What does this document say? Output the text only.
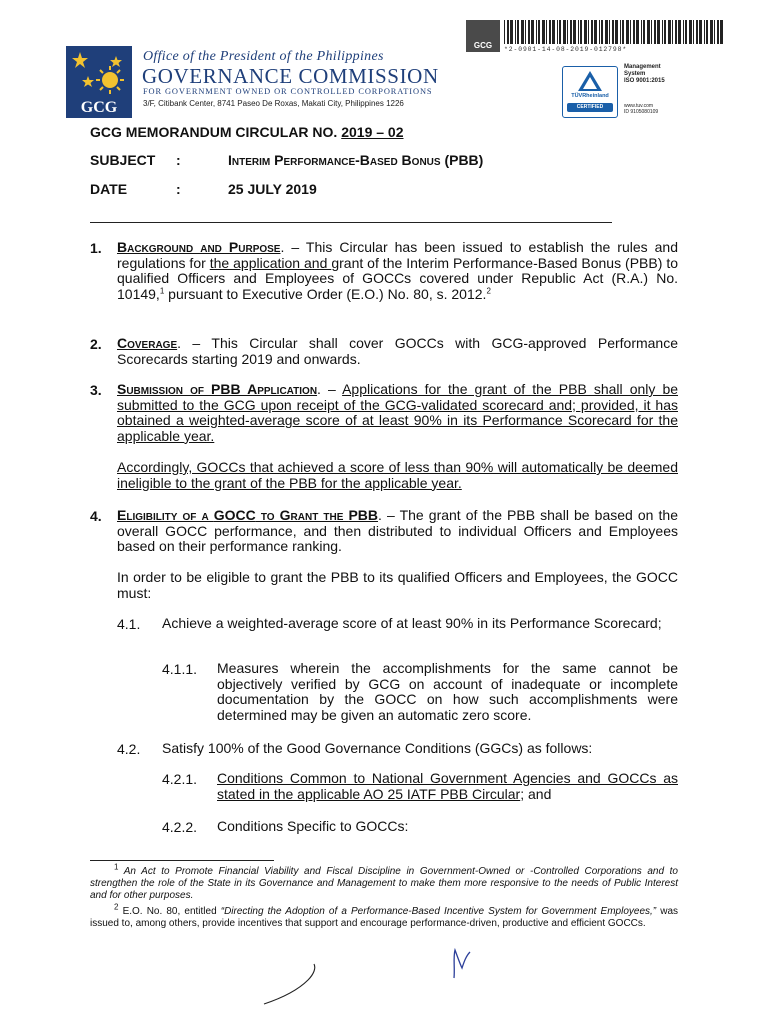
GCG
Office of the President of the Philippines
GOVERNANCE COMMISSION
FOR GOVERNMENT OWNED OR CONTROLLED CORPORATIONS
3/F, Citibank Center, 8741 Paseo De Roxas, Makati City, Philippines 1226
GCG *2-0901-14-08-2019-012798*
TÜVRheinland
CERTIFIED
Management
System
ISO 9001:2015
www.tuv.com
ID 9105080109
GCG MEMORANDUM CIRCULAR NO. 2019 – 02
SUBJECT :	Interim Performance-Based Bonus (PBB)
DATE	:	25 JULY 2019
1. Background and Purpose. – This Circular has been issued to establish the rules and regulations for the application and grant of the Interim Performance-Based Bonus (PBB) to qualified Officers and Employees of GOCCs covered under Republic Act (R.A.) No. 10149,$^1$ pursuant to Executive Order (E.O.) No. 80, s. 2012.$^2$
2. Coverage. – This Circular shall cover GOCCs with GCG-approved Performance Scorecards starting 2019 and onwards.
3. Submission of PBB Application. – Applications for the grant of the PBB shall only be submitted to the GCG upon receipt of the GCG-validated scorecard and; provided, it has obtained a weighted-average score of at least 90% in its Performance Scorecard for the applicable year.
Accordingly, GOCCs that achieved a score of less than 90% will automatically be deemed ineligible to the grant of the PBB for the applicable year.
4. Eligibility of a GOCC to Grant the PBB. – The grant of the PBB shall be based on the overall GOCC performance, and then distributed to individual Officers and Employees based on their performance ranking.
In order to be eligible to grant the PBB to its qualified Officers and Employees, the GOCC must:
4.1. Achieve a weighted-average score of at least 90% in its Performance Scorecard;
4.1.1. Measures wherein the accomplishments for the same cannot be objectively verified by GCG on account of inadequate or incomplete documentation by the GOCC on how such accomplishments were determined may be given an automatic zero score.
4.2. Satisfy 100% of the Good Governance Conditions (GGCs) as follows:
4.2.1. Conditions Common to National Government Agencies and GOCCs as stated in the applicable AO 25 IATF PBB Circular; and
4.2.2. Conditions Specific to GOCCs:
$^1$ An Act to Promote Financial Viability and Fiscal Discipline in Government-Owned or -Controlled Corporations and to strengthen the role of the State in its Governance and Management to make them more responsive to the needs of Public Interest and for other purposes.
$^2$ E.O. No. 80, entitled “Directing the Adoption of a Performance-Based Incentive System for Government Employees,” was issued to, among others, provide incentives that support and encourage performance-driven, productive and efficient GOCCs.
